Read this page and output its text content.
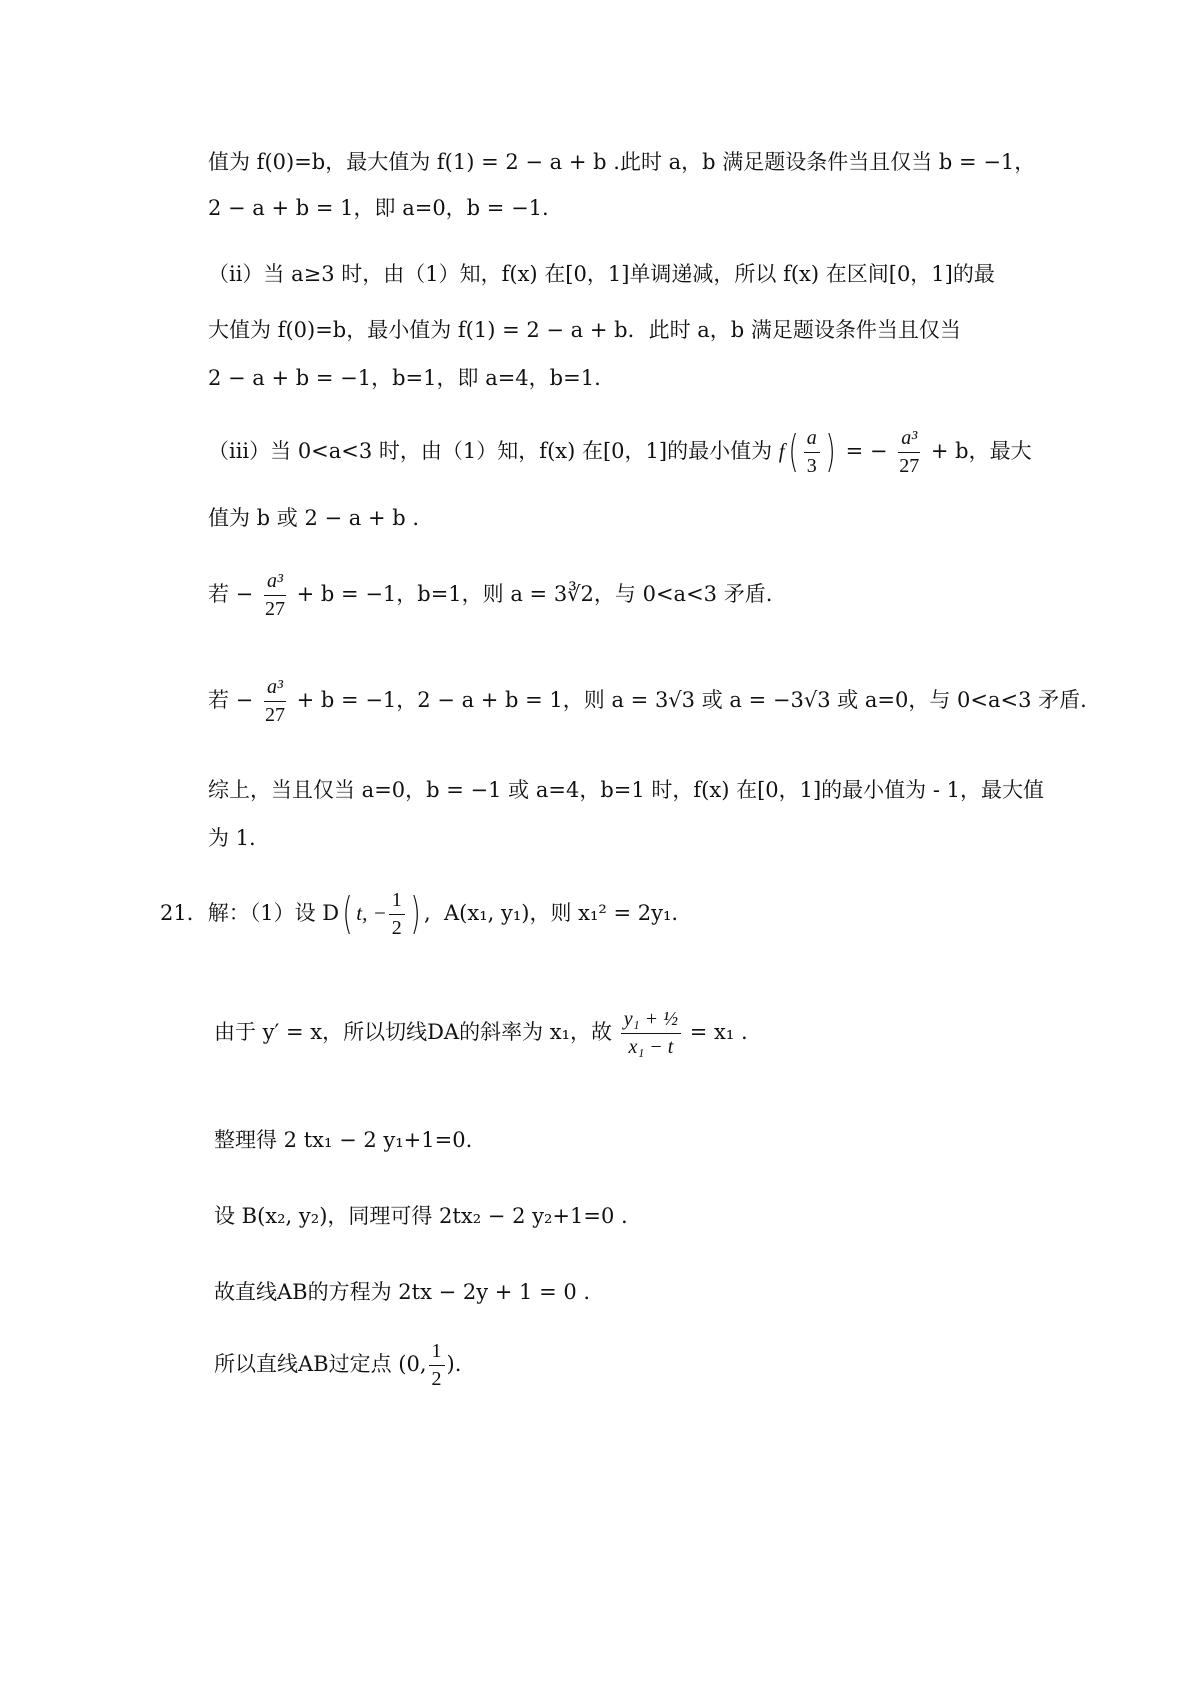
值为 f(0)=b，最大值为 f(1) = 2 − a + b .此时 a，b 满足题设条件当且仅当 b = −1，
2 − a + b = 1，即 a=0，b = −1.
（ii）当 a≥3 时，由（1）知，f(x) 在[0，1]单调递减，所以 f(x) 在区间[0，1]的最
大值为 f(0)=b，最小值为 f(1) = 2 − a + b．此时 a，b 满足题设条件当且仅当
2 − a + b = −1，b=1，即 a=4，b=1.
（iii）当 0<a<3 时，由（1）知，f(x) 在[0，1]的最小值为 $f( \frac{a}{3}$ ) = − $\frac{\text{a³}}{27} + b$，最大
值为 b 或 2 − a + b .
若 − $\frac{\text{a³}}{27} + b = -1$，b=1，则 a = 3∛2，与 0<a<3 矛盾.
若 − $\frac{\text{a³}}{27} + b = -1$，2 − a + b = 1，则 a = 3√3 或 a = −3√3 或 a=0，与 0<a<3 矛盾.
综上，当且仅当 a=0，b = −1 或 a=4，b=1 时，f(x) 在[0，1]的最小值为 ‑ 1，最大值
为 1.
21．解：（1）设 D( t, − $\frac{1}{2}$ ) ,  A(x₁, y₁)，则 x₁² = 2y₁.
由于 y′ = x，所以切线DA的斜率为 x₁，故 $\frac{\text{y₁ + ½}}{\text{x₁ − t}} = x_1$ .
整理得 2 tx₁ − 2 y₁+1=0.
设 B(x₂, y₂)，同理可得 2tx₂ − 2 y₂+1=0 .
故直线AB的方程为 2tx − 2y + 1 = 0 .
所以直线AB过定点 (0, $\frac{1}{2}$ ).
